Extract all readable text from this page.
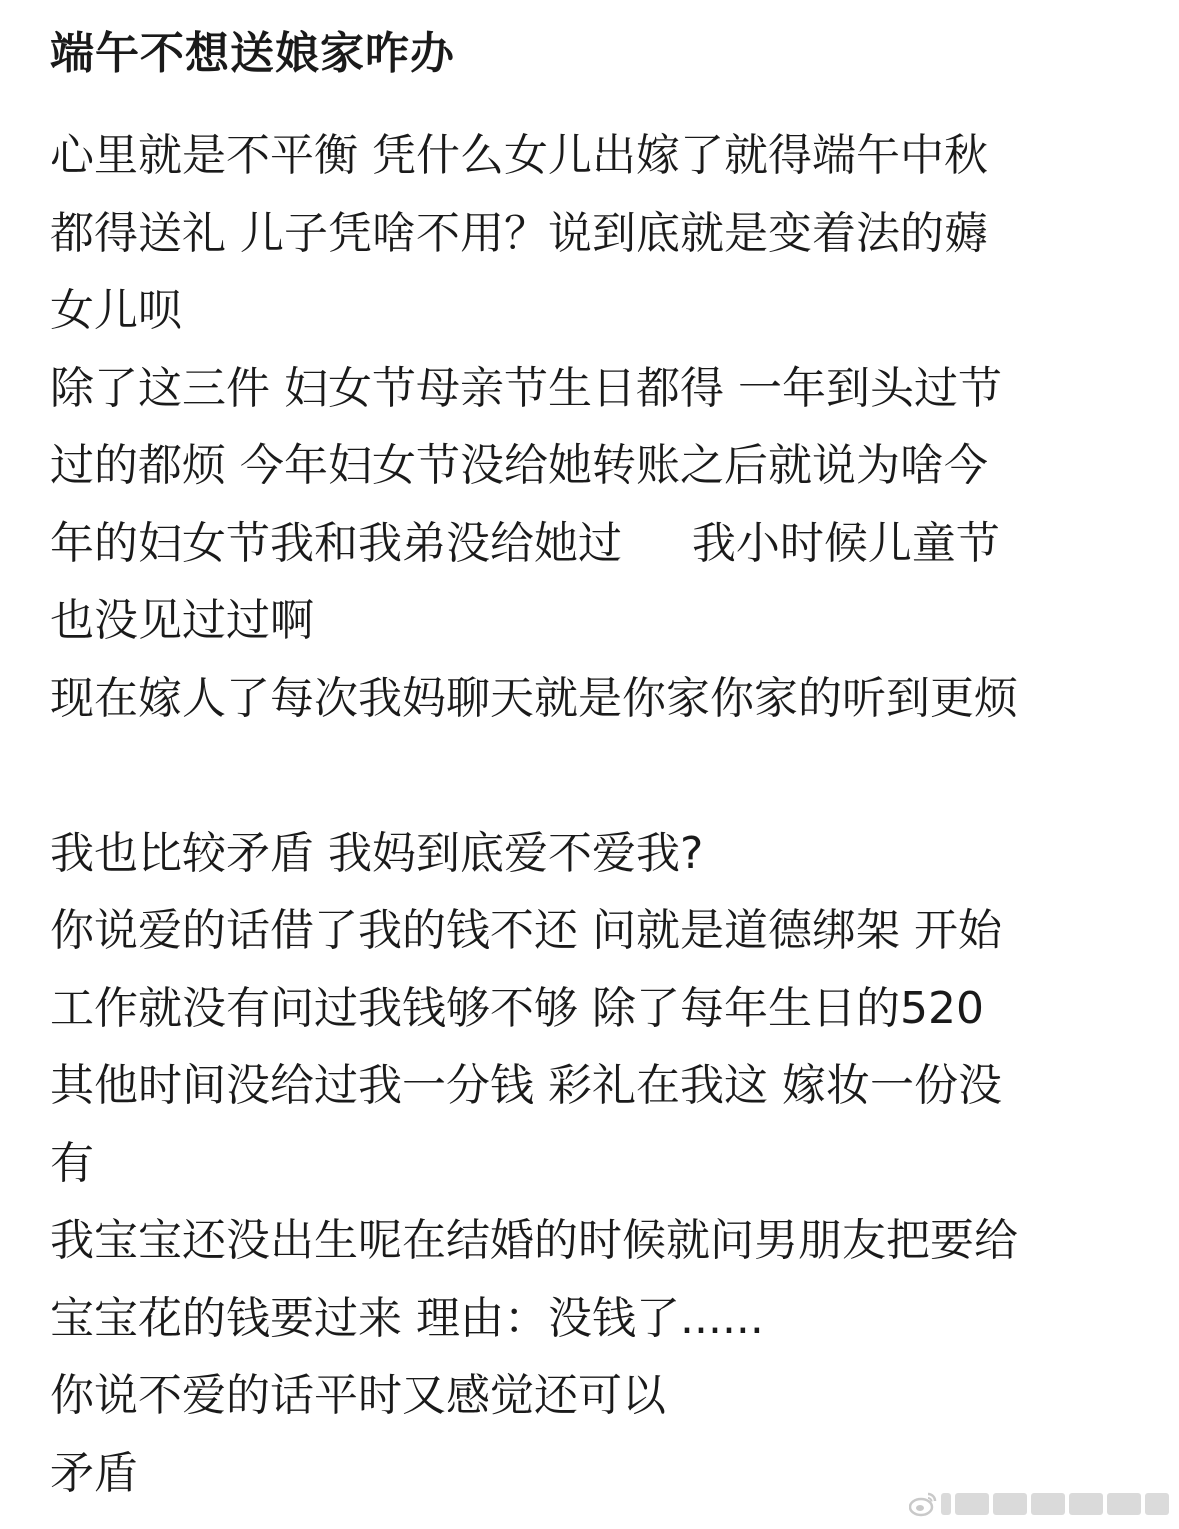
端午不想送娘家咋办
心里就是不平衡 凭什么女儿出嫁了就得端午中秋
都得送礼 儿子凭啥不用？说到底就是变着法的薅
女儿呗
除了这三件 妇女节母亲节生日都得 一年到头过节
过的都烦 今年妇女节没给她转账之后就说为啥今
年的妇女节我和我弟没给她过     我小时候儿童节
也没见过过啊
现在嫁人了每次我妈聊天就是你家你家的听到更烦
我也比较矛盾 我妈到底爱不爱我?
你说爱的话借了我的钱不还 问就是道德绑架 开始
工作就没有问过我钱够不够 除了每年生日的520
其他时间没给过我一分钱 彩礼在我这 嫁妆一份没
有
我宝宝还没出生呢在结婚的时候就问男朋友把要给
宝宝花的钱要过来 理由：没钱了......
你说不爱的话平时又感觉还可以
矛盾
